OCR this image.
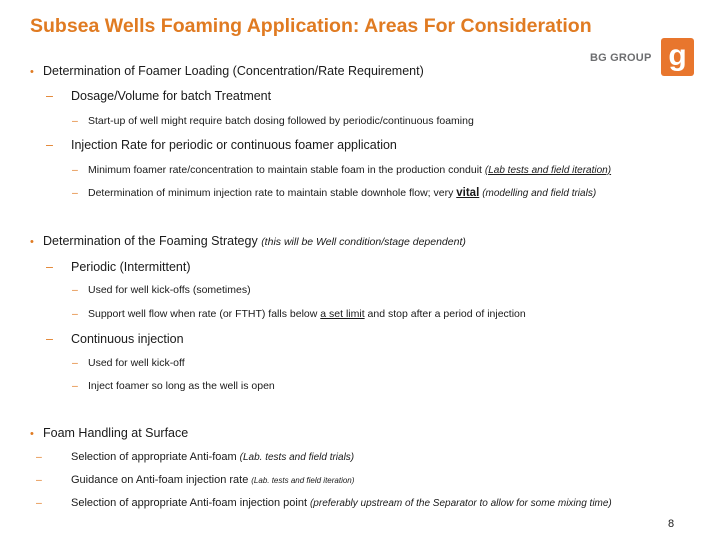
Subsea Wells Foaming Application: Areas For Consideration
BG GROUP g
• Determination of Foamer Loading (Concentration/Rate Requirement)
– Dosage/Volume for batch Treatment
– Start-up of well might require batch dosing followed by periodic/continuous foaming
– Injection Rate for periodic or continuous foamer application
– Minimum foamer rate/concentration to maintain stable foam in the production conduit (Lab tests and field iteration)
– Determination of minimum injection rate to maintain stable downhole flow; very vital (modelling and field trials)
• Determination of the Foaming Strategy (this will be Well condition/stage dependent)
– Periodic (Intermittent)
– Used for well kick-offs (sometimes)
– Support well flow when rate (or FTHT) falls below a set limit and stop after a period of injection
– Continuous injection
– Used for well kick-off
– Inject foamer so long as the well is open
• Foam Handling at Surface
–	Selection of appropriate Anti-foam (Lab. tests and field trials)
–	Guidance on Anti-foam injection rate (Lab. tests and field iteration)
–	Selection of appropriate Anti-foam injection point (preferably upstream of the Separator to allow for some mixing time)
8
